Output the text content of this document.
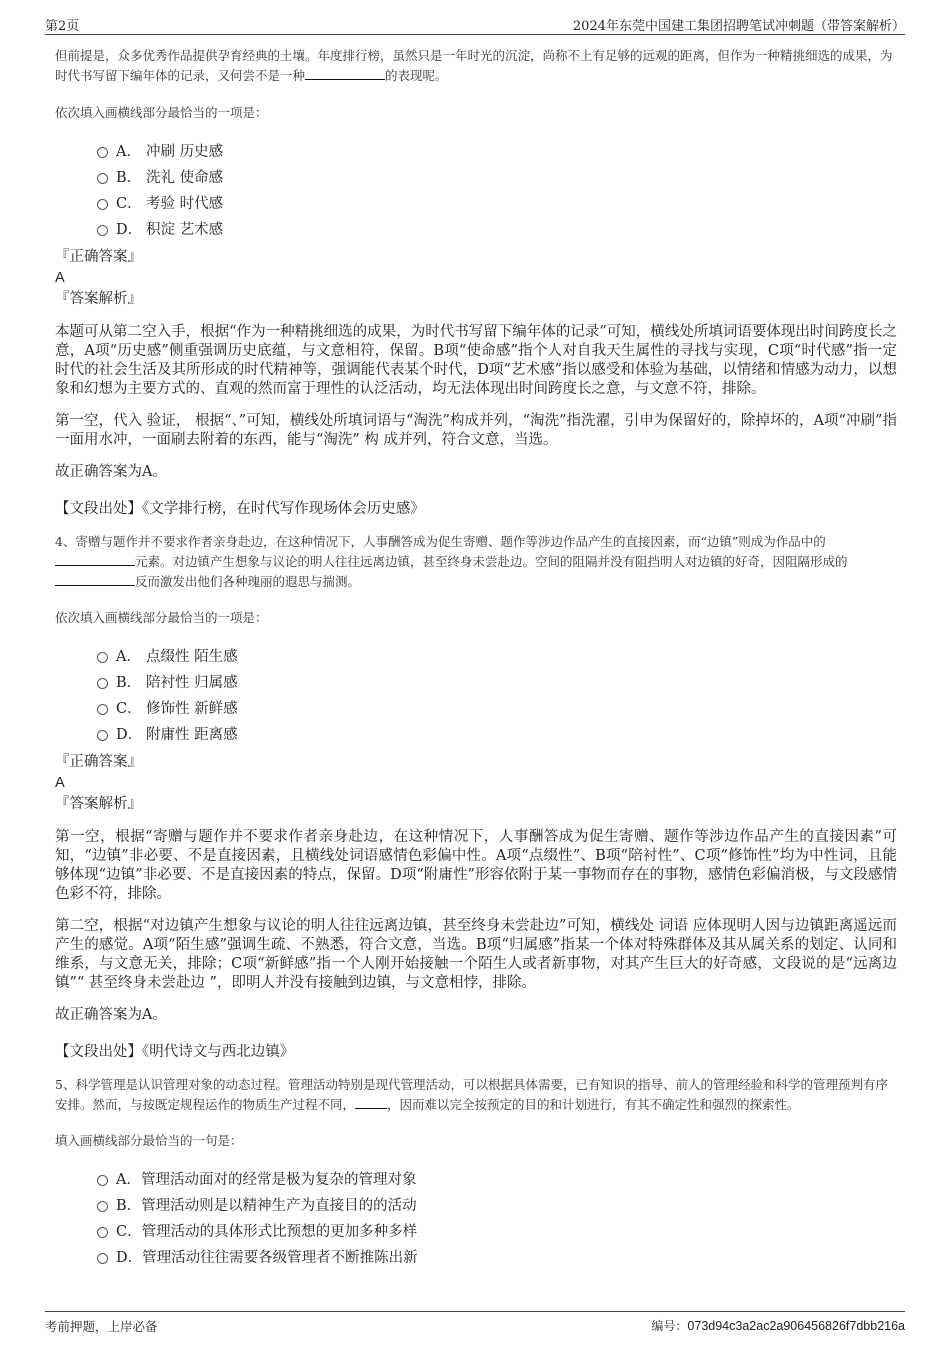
第2页	2024年东莞中国建工集团招聘笔试冲刺题（带答案解析）

但前提是，众多优秀作品提供孕育经典的土壤。年度排行榜，虽然只是一年时光的沉淀，尚称不上有足够的远观的距离，但作为一种精挑细选的成果，为时代书写留下编年体的记录，又何尝不是一种	的表现呢。

依次填入画横线部分最恰当的一项是：

A． 冲刷 历史感
B． 洗礼 使命感
C． 考验 时代感
D． 积淀 艺术感

『正确答案』

A

『答案解析』

本题可从第二空入手，根据“作为一种精挑细选的成果，为时代书写留下编年体的记录”可知，横线处所填词语要体现出时间跨度长之意，A项“历史感”侧重强调历史底蕴，与文意相符，保留。B项“使命感”指个人对自我天生属性的寻找与实现，C项“时代感”指一定时代的社会生活及其所形成的时代精神等，强调能代表某个时代，D项“艺术感”指以感受和体验为基础，以情绪和情感为动力，以想象和幻想为主要方式的、直观的然而富于理性的认泛活动，均无法体现出时间跨度长之意，与文意不符，排除。

第一空，代入 验证， 根据“、”可知，横线处所填词语与“淘洗”构成并列，“淘洗”指洗濯，引申为保留好的，除掉坏的，A项“冲刷”指一面用水冲，一面刷去附着的东西，能与“淘洗” 构 成并列，符合文意，当选。

故正确答案为A。

【文段出处】《文学排行榜，在时代写作现场体会历史感》

4、寄赠与题作并不要求作者亲身赴边，在这种情况下，人事酬答成为促生寄赠、题作等涉边作品产生的直接因素，而“边镇”则成为作品中的
元素。对边镇产生想象与议论的明人往往远离边镇，甚至终身未尝赴边。空间的阻隔并没有阻挡明人对边镇的好奇，因阻隔形成的反而激发出他们各种瑰丽的遐思与揣测。

依次填入画横线部分最恰当的一项是：

A． 点缀性 陌生感
B． 陪衬性 归属感
C． 修饰性 新鲜感
D． 附庸性 距离感

『正确答案』

A

『答案解析』

第一空，根据“寄赠与题作并不要求作者亲身赴边，在这种情况下，人事酬答成为促生寄赠、题作等涉边作品产生的直接因素”可知，“边镇”非必要、不是直接因素，且横线处词语感情色彩偏中性。A项“点缀性”、B项“陪衬性”、C项“修饰性”均为中性词，且能够体现“边镇”非必要、不是直接因素的特点，保留。D项“附庸性”形容依附于某一事物而存在的事物，感情色彩偏消极，与文段感情色彩不符，排除。

第二空，根据“对边镇产生想象与议论的明人往往远离边镇，甚至终身未尝赴边”可知，横线处 词语 应体现明人因与边镇距离遥远而产生的感觉。A项“陌生感”强调生疏、不熟悉，符合文意，当选。B项“归属感”指某一个体对特殊群体及其从属关系的划定、认同和维系，与文意无关，排除；C项“新鲜感”指一个人刚开始接触一个陌生人或者新事物，对其产生巨大的好奇感，文段说的是“远离边镇”“ 甚至终身未尝赴边 ”，即明人并没有接触到边镇，与文意相悖，排除。

故正确答案为A。

【文段出处】《明代诗文与西北边镇》

5、科学管理是认识管理对象的动态过程。管理活动特别是现代管理活动，可以根据具体需要，已有知识的指导、前人的管理经验和科学的管理预判有序安排。然而，与按既定规程运作的物质生产过程不同，	，因而难以完全按预定的目的和计划进行，有其不确定性和强烈的探索性。

填入画横线部分最恰当的一句是：

A． 管理活动面对的经常是极为复杂的管理对象
B． 管理活动则是以精神生产为直接目的的活动
C． 管理活动的具体形式比预想的更加多种多样
D． 管理活动往往需要各级管理者不断推陈出新
考前押题，上岸必备	编号：073d94c3a2ac2a906456826f7dbb216a
